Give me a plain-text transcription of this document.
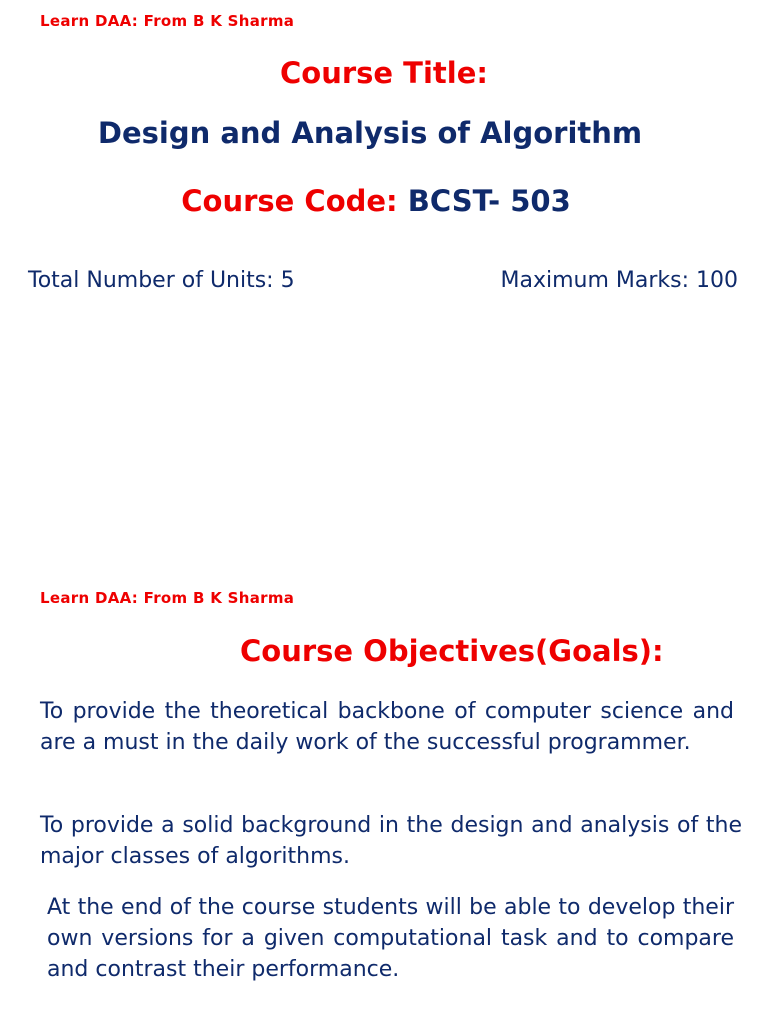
Learn DAA: From B K Sharma
Course Title:
Design and Analysis of Algorithm
Course Code: BCST- 503
Total Number of Units: 5	Maximum Marks: 100
Learn DAA: From B K Sharma
Course Objectives(Goals):
To provide the theoretical backbone of computer science and are a must in the daily work of the successful programmer.
To provide a solid background in the design and analysis of the major classes of algorithms.
At the end of the course students will be able to develop their own versions for a given computational task and to compare and contrast their performance.
